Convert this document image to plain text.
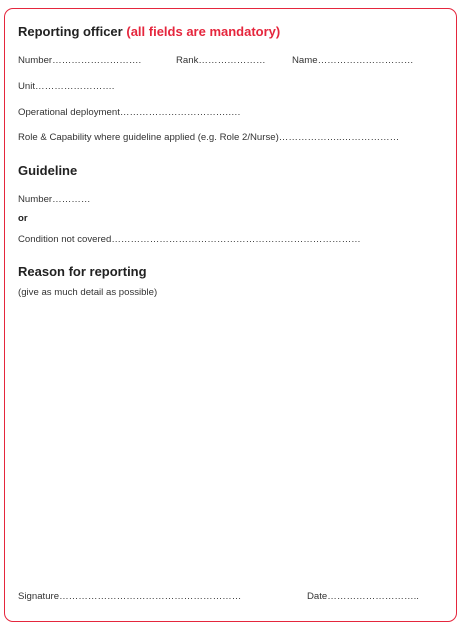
Reporting officer (all fields are mandatory)
Number……………………….	Rank…………………	Name…………………………
Unit…………………….
Operational deployment…………………………….….
Role & Capability where guideline applied (e.g. Role 2/Nurse)………………..………………
Guideline
Number…………
or
Condition not covered……………………………………………………………………
Reason for reporting
(give as much detail as possible)
Signature…………………………………………………	Date………………………..
